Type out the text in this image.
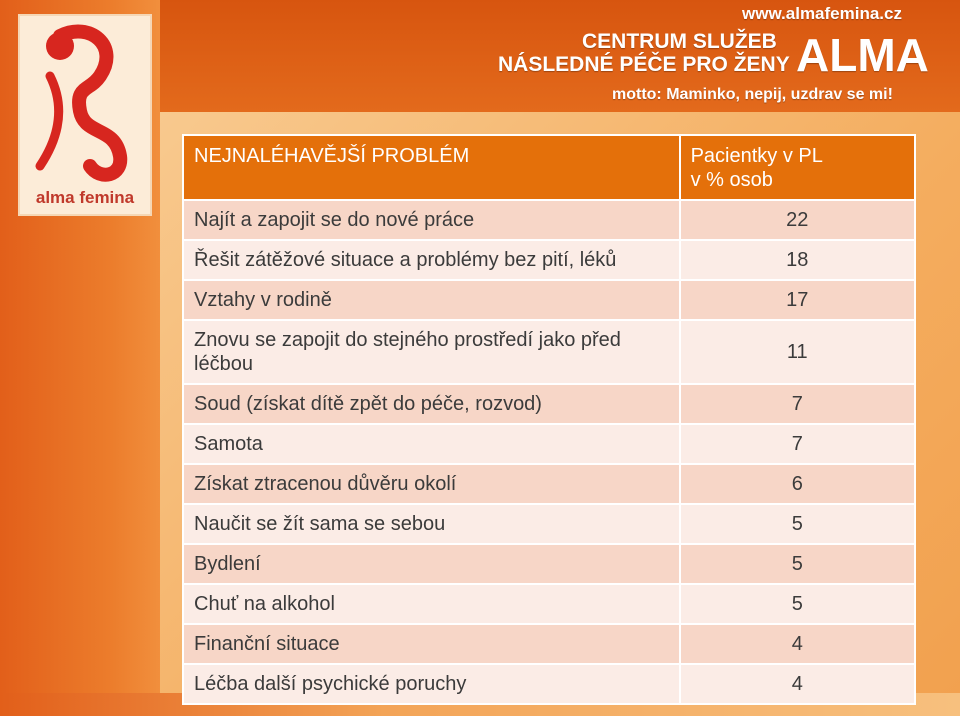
alma femina
www.almafemina.cz
CENTRUM SLUŽEB
NÁSLEDNÉ PÉČE PRO ŽENY ALMA
motto: Maminko, nepij, uzdrav se mi!
NEJNALÉHAVĚJŠÍ PROBLÉM	Pacientky v PL
v % osob

Najít a zapojit se do nové práce	22
Řešit zátěžové situace a problémy bez pití, léků	18
Vztahy v rodině	17
Znovu se zapojit do stejného prostředí jako před léčbou	11
Soud (získat dítě zpět do péče, rozvod)	7
Samota	7
Získat ztracenou důvěru okolí	6
Naučit se žít sama se sebou	5
Bydlení	5
Chuť na alkohol	5
Finanční situace	4
Léčba další psychické poruchy	4
